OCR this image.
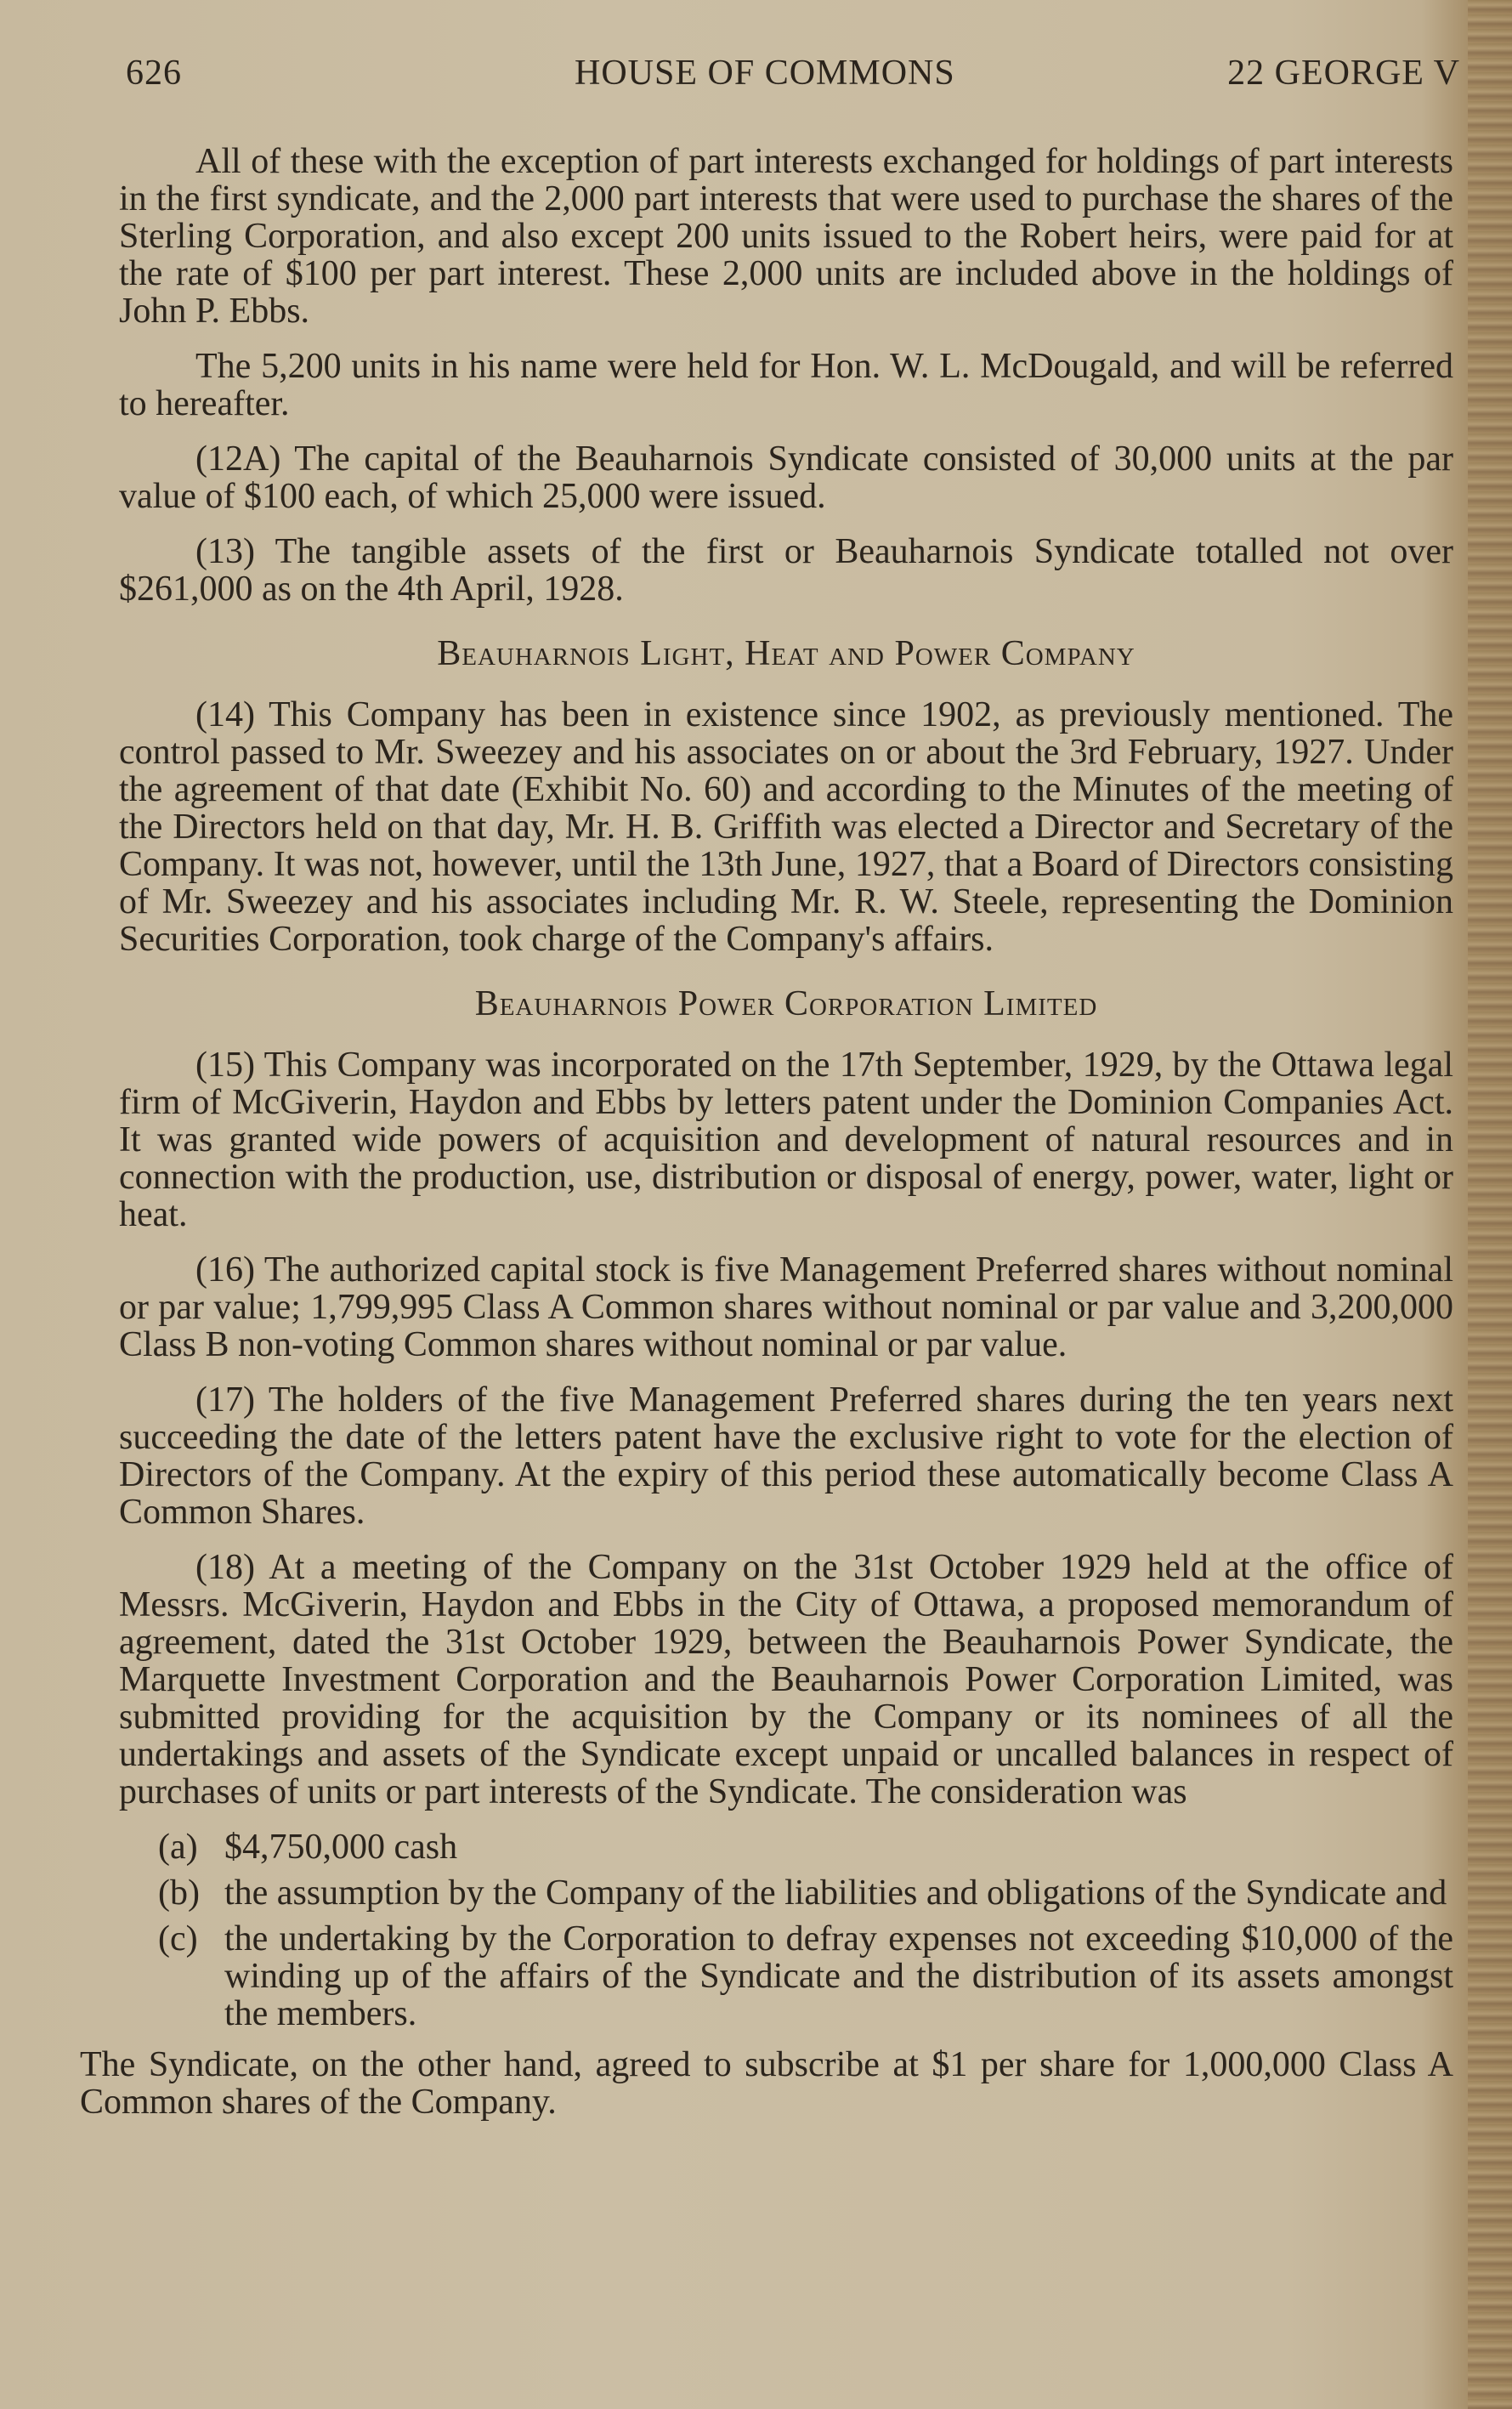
626	HOUSE OF COMMONS	22 GEORGE V

All of these with the exception of part interests exchanged for holdings of part interests in the first syndicate, and the 2,000 part interests that were used to purchase the shares of the Sterling Corporation, and also except 200 units issued to the Robert heirs, were paid for at the rate of $100 per part interest. These 2,000 units are included above in the holdings of John P. Ebbs.

The 5,200 units in his name were held for Hon. W. L. McDougald, and will be referred to hereafter.

(12A) The capital of the Beauharnois Syndicate consisted of 30,000 units at the par value of $100 each, of which 25,000 were issued.

(13) The tangible assets of the first or Beauharnois Syndicate totalled not over $261,000 as on the 4th April, 1928.

Beauharnois Light, Heat and Power Company

(14) This Company has been in existence since 1902, as previously mentioned. The control passed to Mr. Sweezey and his associates on or about the 3rd February, 1927. Under the agreement of that date (Exhibit No. 60) and according to the Minutes of the meeting of the Directors held on that day, Mr. H. B. Griffith was elected a Director and Secretary of the Company. It was not, however, until the 13th June, 1927, that a Board of Directors consisting of Mr. Sweezey and his associates including Mr. R. W. Steele, representing the Dominion Securities Corporation, took charge of the Company's affairs.

Beauharnois Power Corporation Limited

(15) This Company was incorporated on the 17th September, 1929, by the Ottawa legal firm of McGiverin, Haydon and Ebbs by letters patent under the Dominion Companies Act. It was granted wide powers of acquisition and development of natural resources and in connection with the production, use, distribution or disposal of energy, power, water, light or heat.

(16) The authorized capital stock is five Management Preferred shares without nominal or par value; 1,799,995 Class A Common shares without nominal or par value and 3,200,000 Class B non-voting Common shares without nominal or par value.

(17) The holders of the five Management Preferred shares during the ten years next succeeding the date of the letters patent have the exclusive right to vote for the election of Directors of the Company. At the expiry of this period these automatically become Class A Common Shares.

(18) At a meeting of the Company on the 31st October 1929 held at the office of Messrs. McGiverin, Haydon and Ebbs in the City of Ottawa, a proposed memorandum of agreement, dated the 31st October 1929, between the Beauharnois Power Syndicate, the Marquette Investment Corporation and the Beauharnois Power Corporation Limited, was submitted providing for the acquisition by the Company or its nominees of all the undertakings and assets of the Syndicate except unpaid or uncalled balances in respect of purchases of units or part interests of the Syndicate. The consideration was

(a) $4,750,000 cash
(b) the assumption by the Company of the liabilities and obligations of the Syndicate and
(c) the undertaking by the Corporation to defray expenses not exceeding $10,000 of the winding up of the affairs of the Syndicate and the distribution of its assets amongst the members.

The Syndicate, on the other hand, agreed to subscribe at $1 per share for 1,000,000 Class A Common shares of the Company.
